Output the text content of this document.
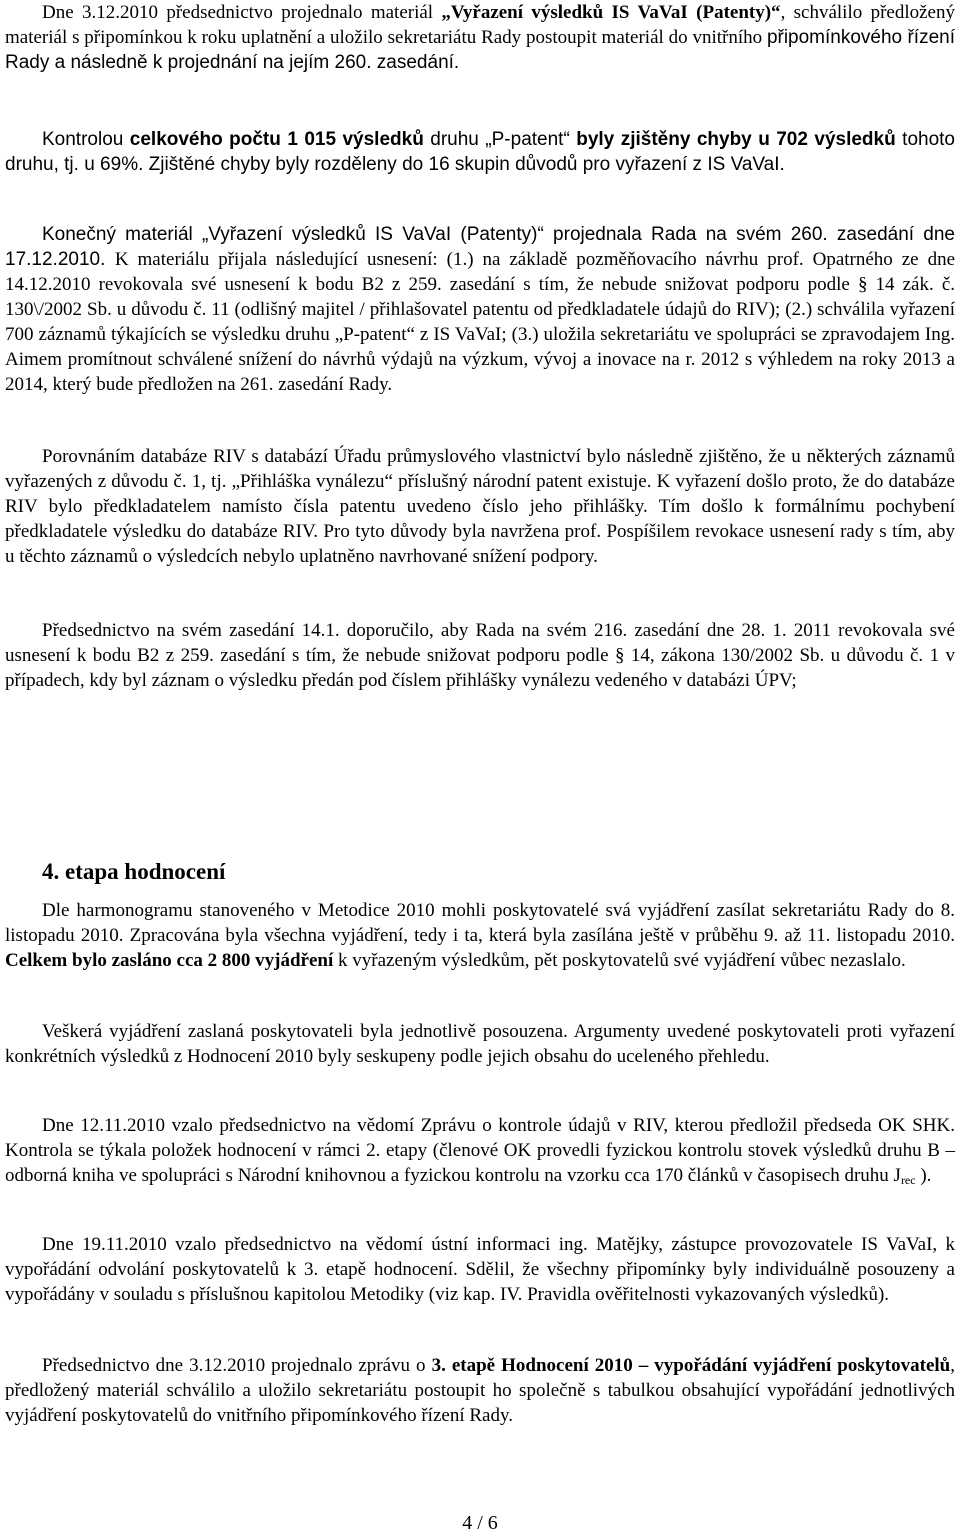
Dne 3.12.2010 předsednictvo projednalo materiál „Vyřazení výsledků IS VaVaI (Patenty)“, schválilo předložený materiál s připomínkou k roku uplatnění a uložilo sekretariátu Rady postoupit materiál do vnitřního připomínkového řízení Rady a následně k projednání na jejím 260. zasedání.

Kontrolou celkového počtu 1 015 výsledků druhu „P-patent“ byly zjištěny chyby u 702 výsledků tohoto druhu, tj. u 69%. Zjištěné chyby byly rozděleny do 16 skupin důvodů pro vyřazení z IS VaVaI.

Konečný materiál „Vyřazení výsledků IS VaVaI (Patenty)“ projednala Rada na svém 260. zasedání dne 17.12.2010. K materiálu přijala následující usnesení: (1.) na základě pozměňovacího návrhu prof. Opatrného ze dne 14.12.2010 revokovala své usnesení k bodu B2 z 259. zasedání s tím, že nebude snižovat podporu podle § 14 zák. č. 130\/2002 Sb. u důvodu č. 11 (odlišný majitel / přihlašovatel patentu od předkladatele údajů do RIV); (2.) schválila vyřazení 700 záznamů týkajících se výsledku druhu „P-patent“ z IS VaVaI; (3.) uložila sekretariátu ve spolupráci se zpravodajem Ing. Aimem promítnout schválené snížení do návrhů výdajů na výzkum, vývoj a inovace na r. 2012 s výhledem na roky 2013 a 2014, který bude předložen na 261. zasedání Rady.

Porovnáním databáze RIV s databází Úřadu průmyslového vlastnictví bylo následně zjištěno, že u některých záznamů vyřazených z důvodu č. 1, tj. „Přihláška vynálezu“ příslušný národní patent existuje. K vyřazení došlo proto, že do databáze RIV bylo předkladatelem namísto čísla patentu uvedeno číslo jeho přihlášky. Tím došlo k formálnímu pochybení předkladatele výsledku do databáze RIV. Pro tyto důvody byla navržena prof. Pospíšilem revokace usnesení rady s tím, aby u těchto záznamů o výsledcích nebylo uplatněno navrhované snížení podpory.

Předsednictvo na svém zasedání 14.1. doporučilo, aby Rada na svém 216. zasedání dne 28. 1. 2011 revokovala své usnesení k bodu B2 z 259. zasedání s tím, že nebude snižovat podporu podle § 14, zákona 130/2002 Sb. u důvodu č. 1 v případech, kdy byl záznam o výsledku předán pod číslem přihlášky vynálezu vedeného v databázi ÚPV;

4. etapa hodnocení

Dle harmonogramu stanoveného v Metodice 2010 mohli poskytovatelé svá vyjádření zasílat sekretariátu Rady do 8. listopadu 2010. Zpracována byla všechna vyjádření, tedy i ta, která byla zasílána ještě v průběhu 9. až 11. listopadu 2010. Celkem bylo zasláno cca 2 800 vyjádření k vyřazeným výsledkům, pět poskytovatelů své vyjádření vůbec nezaslalo.

Veškerá vyjádření zaslaná poskytovateli byla jednotlivě posouzena. Argumenty uvedené poskytovateli proti vyřazení konkrétních výsledků z Hodnocení 2010 byly seskupeny podle jejich obsahu do uceleného přehledu.

Dne 12.11.2010 vzalo předsednictvo na vědomí Zprávu o kontrole údajů v RIV, kterou předložil předseda OK SHK. Kontrola se týkala položek hodnocení v rámci 2. etapy (členové OK provedli fyzickou kontrolu stovek výsledků druhu B – odborná kniha ve spolupráci s Národní knihovnou a fyzickou kontrolu na vzorku cca 170 článků v časopisech druhu $J_{rec}$ ).

Dne 19.11.2010 vzalo předsednictvo na vědomí ústní informaci ing. Matějky, zástupce provozovatele IS VaVaI, k vypořádání odvolání poskytovatelů k 3. etapě hodnocení. Sdělil, že všechny připomínky byly individuálně posouzeny a vypořádány v souladu s příslušnou kapitolou Metodiky (viz kap. IV. Pravidla ověřitelnosti vykazovaných výsledků).

Předsednictvo dne 3.12.2010 projednalo zprávu o 3. etapě Hodnocení 2010 – vypořádání vyjádření poskytovatelů, předložený materiál schválilo a uložilo sekretariátu postoupit ho společně s tabulkou obsahující vypořádání jednotlivých vyjádření poskytovatelů do vnitřního připomínkového řízení Rady.

4 / 6
